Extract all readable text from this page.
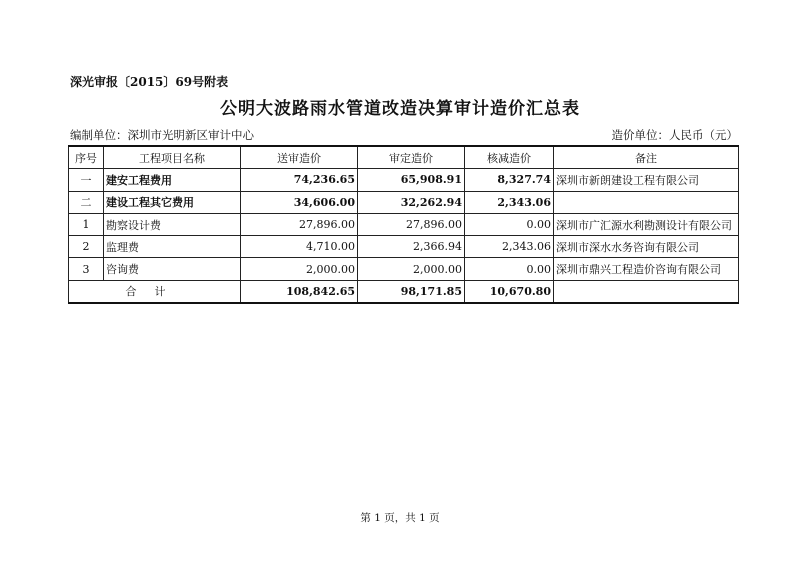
深光审报〔2015〕69号附表
公明大波路雨水管道改造决算审计造价汇总表
编制单位：深圳市光明新区审计中心	造价单位：人民币（元）
序号	工程项目名称	送审造价	审定造价	核减造价	备注
一	建安工程费用	74,236.65	65,908.91	8,327.74	深圳市新朗建设工程有限公司
二	建设工程其它费用	34,606.00	32,262.94	2,343.06	
1	勘察设计费	27,896.00	27,896.00	0.00	深圳市广汇源水利勘测设计有限公司
2	监理费	4,710.00	2,366.94	2,343.06	深圳市深水水务咨询有限公司
3	咨询费	2,000.00	2,000.00	0.00	深圳市鼎兴工程造价咨询有限公司
合计		108,842.65	98,171.85	10,670.80	
第 1 页，共 1 页
